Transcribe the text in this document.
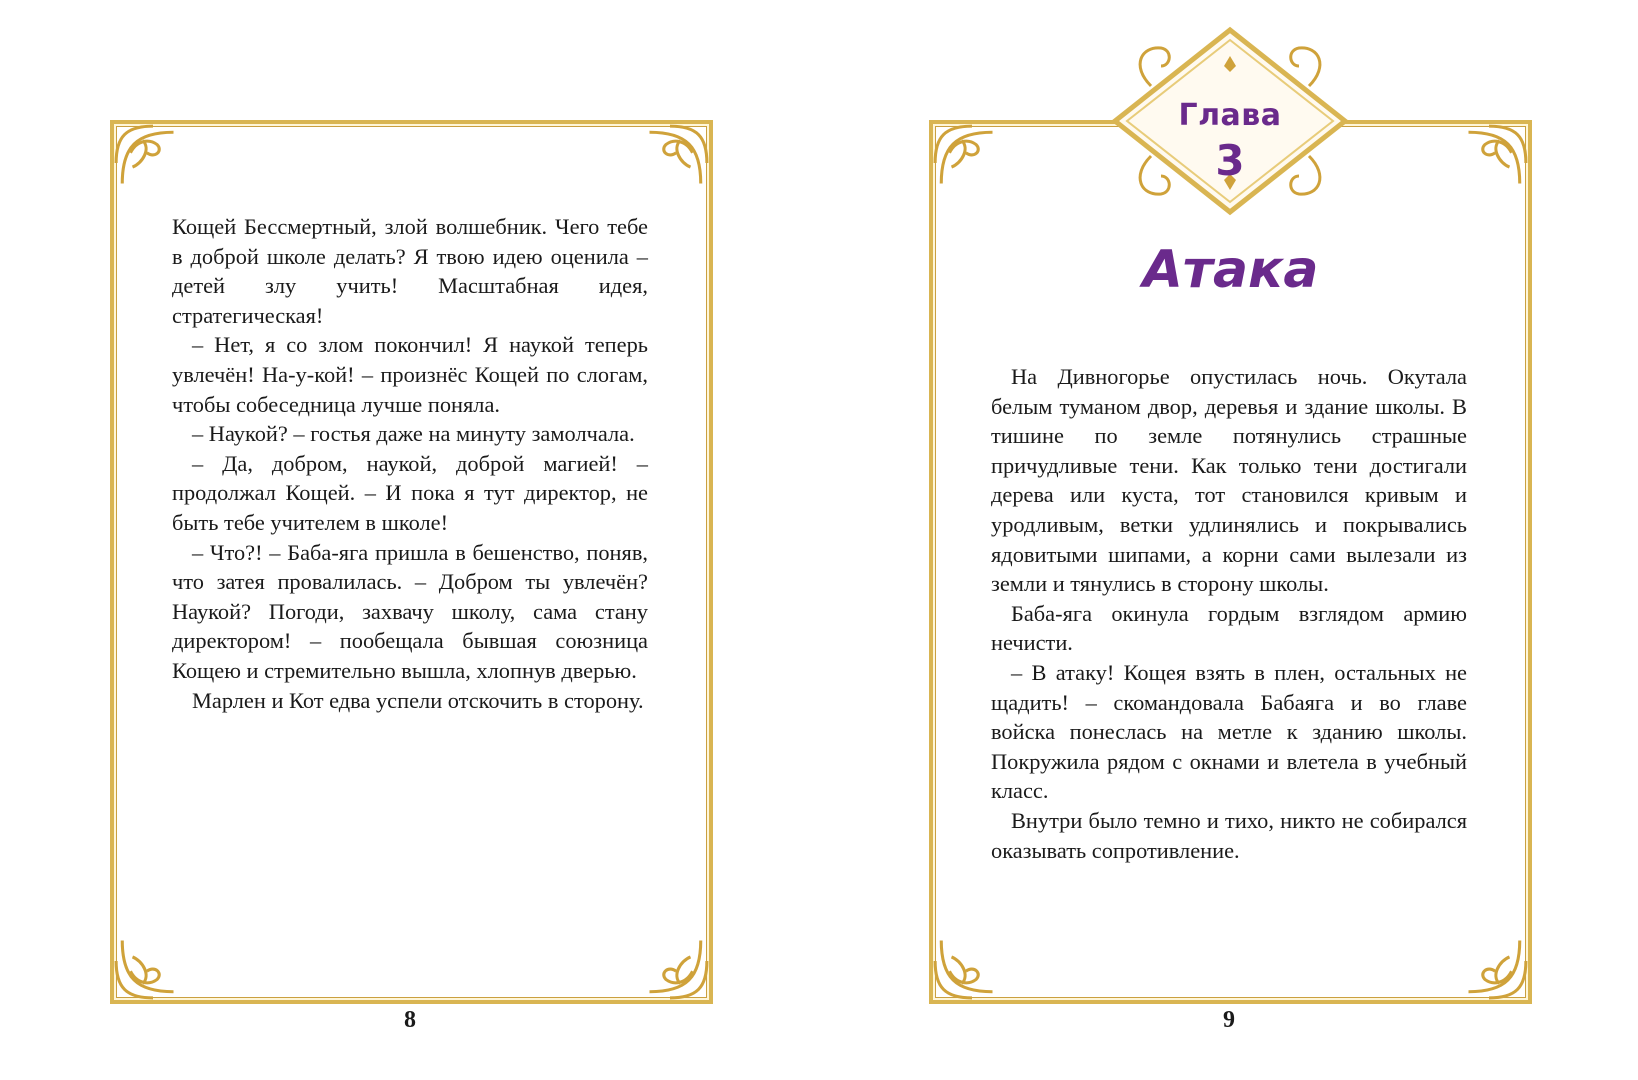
Кощей Бессмертный, злой волшебник. Чего тебе в доброй школе делать? Я твою идею оценила – детей злу учить! Масштабная идея, стратегическая!

– Нет, я со злом покончил! Я наукой теперь увлечён! На-у-кой! – произнёс Кощей по слогам, чтобы собеседница лучше поняла.

– Наукой? – гостья даже на минуту замолчала.

– Да, добром, наукой, доброй магией! – продолжал Кощей. – И пока я тут директор, не быть тебе учителем в школе!

– Что?! – Баба-яга пришла в бешенство, поняв, что затея провалилась. – Добром ты увлечён? Наукой? Погоди, захвачу школу, сама стану директором! – пообещала бывшая союзница Кощею и стремительно вышла, хлопнув дверью.

Марлен и Кот едва успели отскочить в сторону.

На Дивногорье опустилась ночь. Окутала белым туманом двор, деревья и здание школы. В тишине по земле потянулись страшные причудливые тени. Как только тени достигали дерева или куста, тот становился кривым и уродливым, ветки удлинялись и покрывались ядовитыми шипами, а корни сами вылезали из земли и тянулись в сторону школы.

Баба-яга окинула гордым взглядом армию нечисти.

– В атаку! Кощея взять в плен, остальных не щадить! – скомандовала Бабаяга и во главе войска понеслась на метле к зданию школы. Покружила рядом с окнами и влетела в учебный класс.

Внутри было темно и тихо, никто не собирался оказывать сопротивление.

Глава
3
Атака
8	9
